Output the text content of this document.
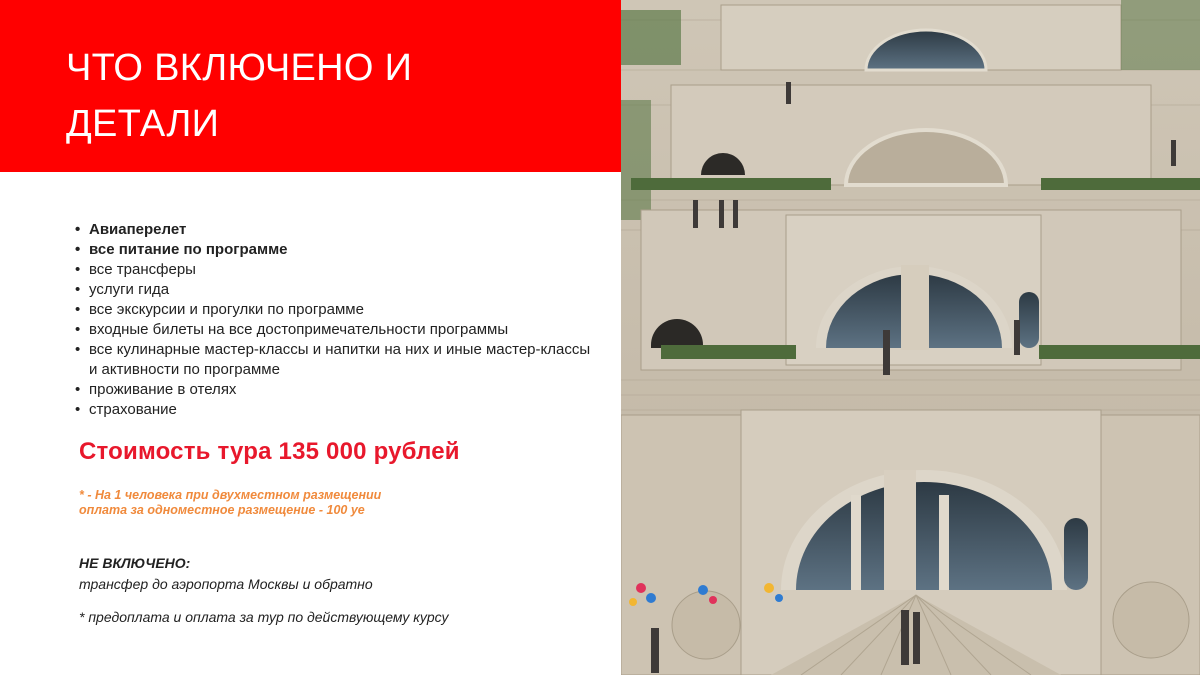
ЧТО ВКЛЮЧЕНО И
ДЕТАЛИ
• Авиаперелет
• все питание по программе
• все трансферы
• услуги гида
• все экскурсии и прогулки по программе
• входные билеты на все достопримечательности программы
• все кулинарные мастер-классы и напитки на них и иные мастер-классы и активности по программе
• проживание в отелях
• страхование
Стоимость тура 135 000 рублей
* - На 1 человека при двухместном размещении
оплата за одноместное размещение - 100 уе
НЕ ВКЛЮЧЕНО:
трансфер до аэропорта Москвы и обратно
* предоплата и оплата за тур по действующему курсу
